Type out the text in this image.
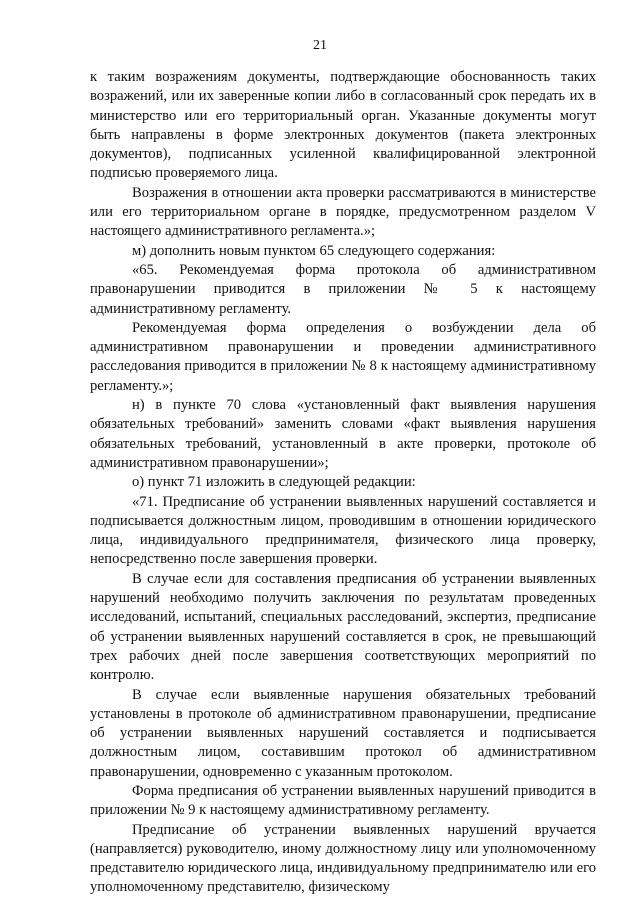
21

к таким возражениям документы, подтверждающие обоснованность таких возражений, или их заверенные копии либо в согласованный срок передать их в министерство или его территориальный орган. Указанные документы могут быть направлены в форме электронных документов (пакета электронных документов), подписанных усиленной квалифицированной электронной подписью проверяемого лица.

Возражения в отношении акта проверки рассматриваются в министерстве или его территориальном органе в порядке, предусмотренном разделом V настоящего административного регламента.»;

м) дополнить новым пунктом 65 следующего содержания:

«65. Рекомендуемая форма протокола об административном правонарушении приводится в приложении № 5 к настоящему административному регламенту.

Рекомендуемая форма определения о возбуждении дела об административном правонарушении и проведении административного расследования приводится в приложении № 8 к настоящему административному регламенту.»;

н) в пункте 70 слова «установленный факт выявления нарушения обязательных требований» заменить словами «факт выявления нарушения обязательных требований, установленный в акте проверки, протоколе об административном правонарушении»;

о) пункт 71 изложить в следующей редакции:

«71. Предписание об устранении выявленных нарушений составляется и подписывается должностным лицом, проводившим в отношении юридического лица, индивидуального предпринимателя, физического лица проверку, непосредственно после завершения проверки.

В случае если для составления предписания об устранении выявленных нарушений необходимо получить заключения по результатам проведенных исследований, испытаний, специальных расследований, экспертиз, предписание об устранении выявленных нарушений составляется в срок, не превышающий трех рабочих дней после завершения соответствующих мероприятий по контролю.

В случае если выявленные нарушения обязательных требований установлены в протоколе об административном правонарушении, предписание об устранении выявленных нарушений составляется и подписывается должностным лицом, составившим протокол об административном правонарушении, одновременно с указанным протоколом.

Форма предписания об устранении выявленных нарушений приводится в приложении № 9 к настоящему административному регламенту.

Предписание об устранении выявленных нарушений вручается (направляется) руководителю, иному должностному лицу или уполномоченному представителю юридического лица, индивидуальному предпринимателю или его уполномоченному представителю, физическому
